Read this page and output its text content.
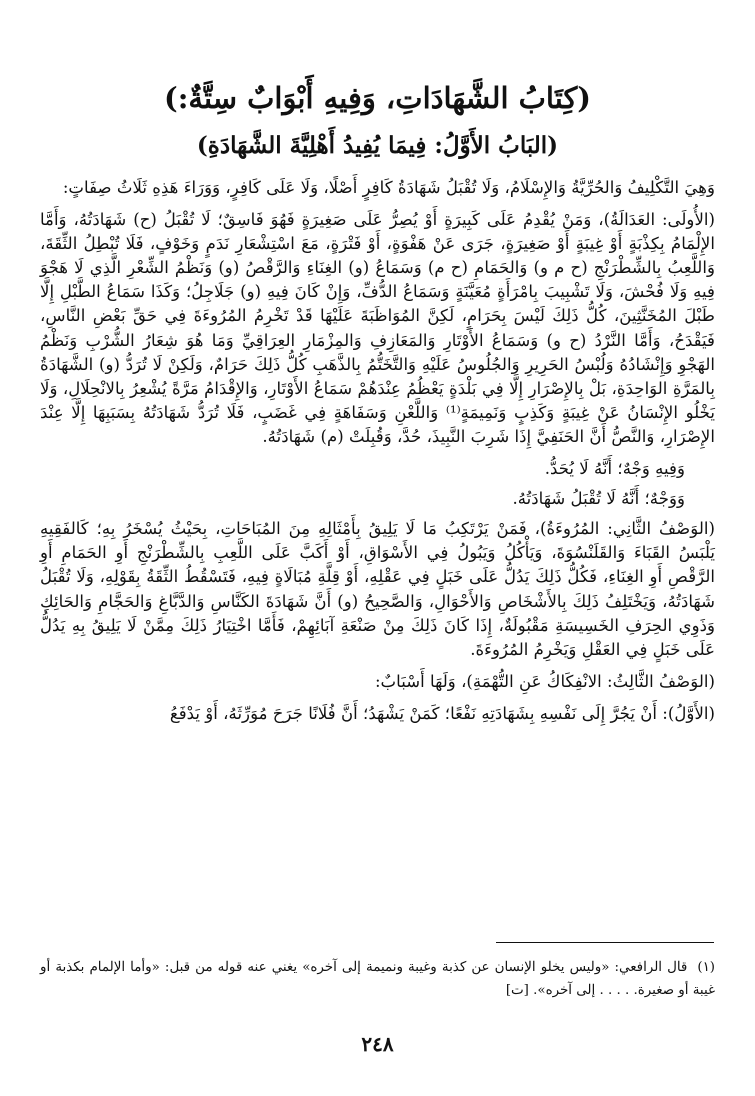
(كِتَابُ الشَّهَادَاتِ، وَفِيهِ أَبْوَابٌ سِتَّةٌ:)
(البَابُ الأَوَّلُ: فِيمَا يُفِيدُ أَهْلِيَّةَ الشَّهَادَةِ)

وَهِيَ التَّكْلِيفُ وَالحُرِّيَّةُ وَالإِسْلَامُ، وَلَا تُقْبَلُ شَهَادَةُ كَافِرٍ أَصْلًا، وَلَا عَلَى كَافِرٍ، وَوَرَاءَ هَذِهِ ثَلَاثُ صِفَاتٍ:

(الأُولَى: العَدَالَةُ)، وَمَنْ يُقْدِمُ عَلَى كَبِيرَةٍ أَوْ يُصِرُّ عَلَى صَغِيرَةٍ فَهُوَ فَاسِقٌ؛ لَا تُقْبَلُ (ح) شَهَادَتُهُ، وَأَمَّا الإِلْمَامُ بِكِذْبَةٍ أَوْ غِيبَةٍ أَوْ صَغِيرَةٍ، جَرَى عَنْ هَفْوَةٍ، أَوْ فَتْرَةٍ، مَعَ اسْتِشْعَارِ نَدَمٍ وَخَوْفٍ، فَلَا تُبْطِلُ الثِّقَةَ، وَاللَّعِبُ بِالشِّطْرَنْجِ (ح م و) وَالحَمَامِ (ح م) وَسَمَاعُ (و) الغِنَاءِ وَالرَّقْصُ (و) وَنَظْمُ الشِّعْرِ الَّذِي لَا هَجْوَ فِيهِ وَلَا فُحْشَ، وَلَا تَشْبِيبَ بِامْرَأَةٍ مُعَيَّنَةٍ وَسَمَاعُ الدُّفِّ، وَإِنْ كَانَ فِيهِ (و) جَلَاجِلُ؛ وَكَذَا سَمَاعُ الطَّبْلِ إِلَّا طَبْلَ المُخَنَّثِينَ، كُلُّ ذَلِكَ لَيْسَ بِحَرَامٍ، لَكِنَّ المُوَاظَبَةَ عَلَيْهَا قَدْ تَخْرِمُ المُرُوءَةَ فِي حَقِّ بَعْضِ النَّاسِ، فَيَقْدَحُ، وَأَمَّا النَّرْدُ (ح و) وَسَمَاعُ الأَوْتَارِ وَالمَعَازِفِ وَالمِزْمَارِ العِرَاقِيِّ وَمَا هُوَ شِعَارُ الشُّرْبِ وَنَظْمُ الهَجْوِ وَإِنْشَادُهُ وَلُبْسُ الحَرِيرِ وَالجُلُوسُ عَلَيْهِ وَالتَّخَتُّمُ بِالذَّهَبِ كُلُّ ذَلِكَ حَرَامٌ، وَلَكِنْ لَا تُرَدُّ (و) الشَّهَادَةُ بِالمَرَّةِ الوَاحِدَةِ، بَلْ بِالإِصْرَارِ إِلَّا فِي بَلْدَةٍ يَعْظُمُ عِنْدَهُمْ سَمَاعُ الأَوْتَارِ، وَالإِقْدَامُ مَرَّةً يُشْعِرُ بِالانْحِلَالِ، وَلَا يَخْلُو الإِنْسَانُ عَنْ غِيبَةٍ وَكَذِبٍ وَنَمِيمَةٍ⁽¹⁾ وَاللَّعْنِ وَسَفَاهَةٍ فِي غَضَبٍ، فَلَا تُرَدُّ شَهَادَتُهُ بِسَبَبِهَا إِلَّا عِنْدَ الإِصْرَارِ، وَالنَّصُّ أَنَّ الحَنَفِيَّ إِذَا شَرِبَ النَّبِيذَ، حُدَّ، وَقُبِلَتْ (م) شَهَادَتُهُ.

وَفِيهِ وَجْهٌ؛ أَنَّهُ لَا يُحَدُّ.

وَوَجْهٌ؛ أَنَّهُ لَا تُقْبَلُ شَهَادَتُهُ.

(الوَصْفُ الثَّانِي: المُرُوءَةُ)، فَمَنْ يَرْتَكِبُ مَا لَا يَلِيقُ بِأَمْثَالِهِ مِنَ المُبَاحَاتِ، بِحَيْثُ يُسْخَرُ بِهِ؛ كَالفَقِيهِ يَلْبَسُ القَبَاءَ وَالقَلَنْسُوَةَ، وَيَأْكُلُ وَيَبُولُ فِي الأَسْوَاقِ، أَوْ أَكَبَّ عَلَى اللَّعِبِ بِالشِّطْرَنْجِ أَوِ الحَمَامِ أَوِ الرَّقْصِ أَوِ الغِنَاءِ، فَكُلُّ ذَلِكَ يَدُلُّ عَلَى خَبَلٍ فِي عَقْلِهِ، أَوْ قِلَّةِ مُبَالَاةٍ فِيهِ، فَتَسْقُطُ الثِّقَةُ بِقَوْلِهِ، وَلَا تُقْبَلُ شَهَادَتُهُ، وَيَخْتَلِفُ ذَلِكَ بِالأَشْخَاصِ وَالأَحْوَالِ، وَالصَّحِيحُ (و) أَنَّ شَهَادَةَ الكَنَّاسِ وَالدَّبَّاغِ وَالحَجَّامِ وَالحَائِكِ وَذَوِي الحِرَفِ الخَسِيسَةِ مَقْبُولَةٌ، إِذَا كَانَ ذَلِكَ مِنْ صَنْعَةِ آبَائِهِمْ، فَأَمَّا اخْتِيَارُ ذَلِكَ مِمَّنْ لَا يَلِيقُ بِهِ يَدُلُّ عَلَى خَبَلٍ فِي العَقْلِ وَيَخْرِمُ المُرُوءَةَ.

(الوَصْفُ الثَّالِثُ: الانْفِكَاكُ عَنِ التُّهْمَةِ)، وَلَهَا أَسْبَابٌ:

(الأَوَّلُ): أَنْ يَجُرَّ إِلَى نَفْسِهِ بِشَهَادَتِهِ نَفْعًا؛ كَمَنْ يَشْهَدُ؛ أَنَّ فُلَانًا جَرَحَ مُوَرِّثَهُ، أَوْ يَدْفَعُ

(١)قال الرافعي: «وليس يخلو الإنسان عن كذبة وغيبة ونميمة إلى آخره» يغني عنه قوله من قبل: «وأما الإلمام بكذبة أو غيبة أو صغيرة. . . . . إلى آخره». [ت]
٢٤٨
